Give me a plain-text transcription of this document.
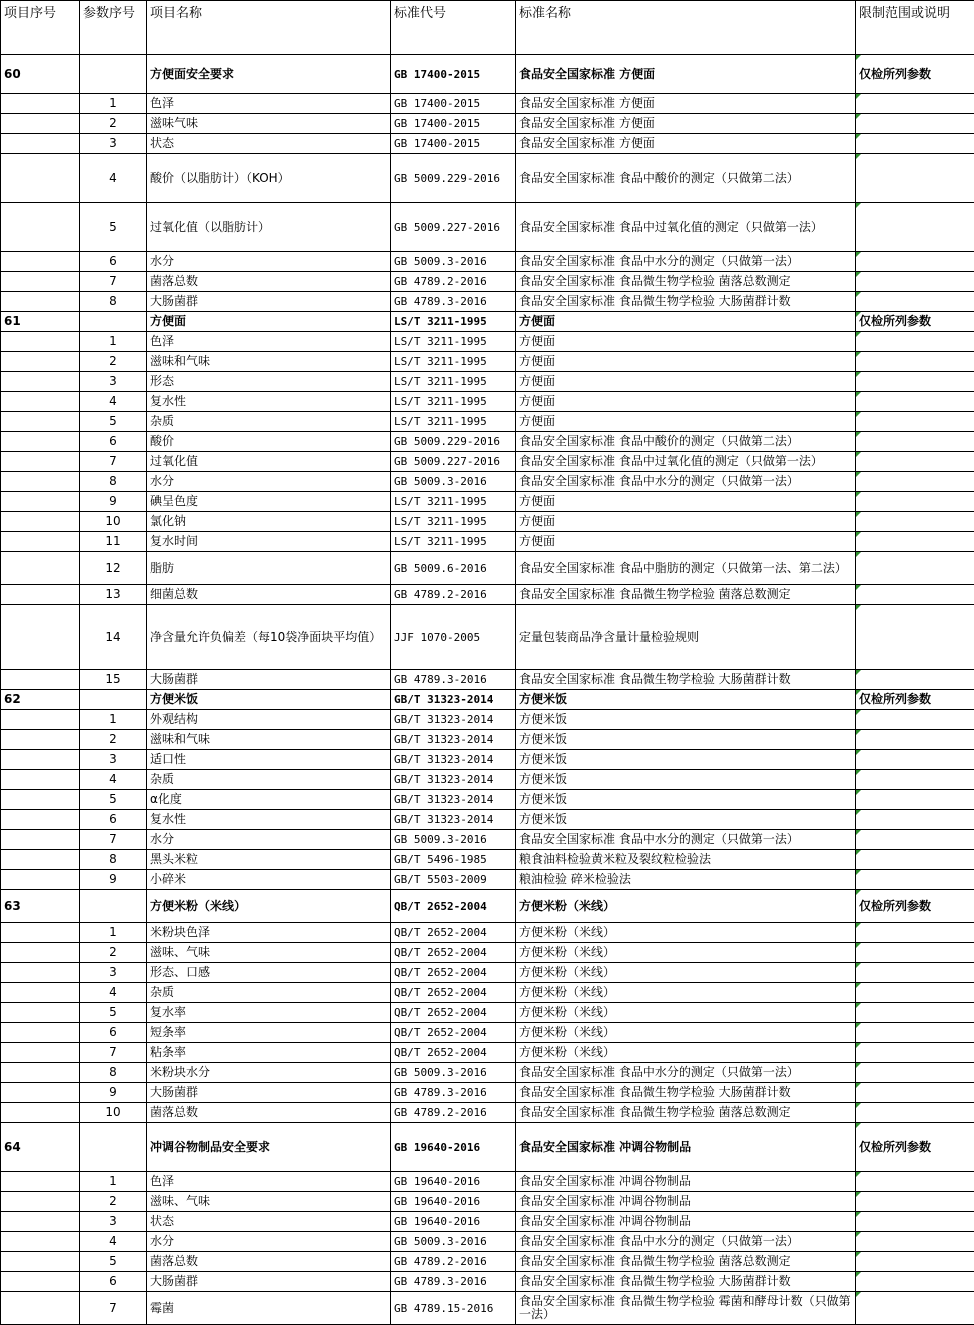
项目序号	参数序号	项目名称	标准代号	标准名称	限制范围或说明
60		方便面安全要求	GB 17400-2015	食品安全国家标准 方便面	仅检所列参数
	1	色泽	GB 17400-2015	食品安全国家标准 方便面	
	2	滋味气味	GB 17400-2015	食品安全国家标准 方便面	
	3	状态	GB 17400-2015	食品安全国家标准 方便面	
	4	酸价（以脂肪计）（KOH）	GB 5009.229-2016	食品安全国家标准 食品中酸价的测定（只做第二法）	
	5	过氧化值（以脂肪计）	GB 5009.227-2016	食品安全国家标准 食品中过氧化值的测定（只做第一法）	
	6	水分	GB 5009.3-2016	食品安全国家标准 食品中水分的测定（只做第一法）	
	7	菌落总数	GB 4789.2-2016	食品安全国家标准 食品微生物学检验 菌落总数测定	
	8	大肠菌群	GB 4789.3-2016	食品安全国家标准 食品微生物学检验 大肠菌群计数	
61		方便面	LS/T 3211-1995	方便面	仅检所列参数
	1	色泽	LS/T 3211-1995	方便面	
	2	滋味和气味	LS/T 3211-1995	方便面	
	3	形态	LS/T 3211-1995	方便面	
	4	复水性	LS/T 3211-1995	方便面	
	5	杂质	LS/T 3211-1995	方便面	
	6	酸价	GB 5009.229-2016	食品安全国家标准 食品中酸价的测定（只做第二法）	
	7	过氧化值	GB 5009.227-2016	食品安全国家标准 食品中过氧化值的测定（只做第一法）	
	8	水分	GB 5009.3-2016	食品安全国家标准 食品中水分的测定（只做第一法）	
	9	碘呈色度	LS/T 3211-1995	方便面	
	10	氯化钠	LS/T 3211-1995	方便面	
	11	复水时间	LS/T 3211-1995	方便面	
	12	脂肪	GB 5009.6-2016	食品安全国家标准 食品中脂肪的测定（只做第一法、第二法）	
	13	细菌总数	GB 4789.2-2016	食品安全国家标准 食品微生物学检验 菌落总数测定	
	14	净含量允许负偏差（每10袋净面块平均值）	JJF 1070-2005	定量包装商品净含量计量检验规则	
	15	大肠菌群	GB 4789.3-2016	食品安全国家标准 食品微生物学检验 大肠菌群计数	
62		方便米饭	GB/T 31323-2014	方便米饭	仅检所列参数
	1	外观结构	GB/T 31323-2014	方便米饭	
	2	滋味和气味	GB/T 31323-2014	方便米饭	
	3	适口性	GB/T 31323-2014	方便米饭	
	4	杂质	GB/T 31323-2014	方便米饭	
	5	α化度	GB/T 31323-2014	方便米饭	
	6	复水性	GB/T 31323-2014	方便米饭	
	7	水分	GB 5009.3-2016	食品安全国家标准 食品中水分的测定（只做第一法）	
	8	黑头米粒	GB/T 5496-1985	粮食油料检验黄米粒及裂纹粒检验法	
	9	小碎米	GB/T 5503-2009	粮油检验 碎米检验法	
63		方便米粉（米线）	QB/T 2652-2004	方便米粉（米线）	仅检所列参数
	1	米粉块色泽	QB/T 2652-2004	方便米粉（米线）	
	2	滋味、气味	QB/T 2652-2004	方便米粉（米线）	
	3	形态、口感	QB/T 2652-2004	方便米粉（米线）	
	4	杂质	QB/T 2652-2004	方便米粉（米线）	
	5	复水率	QB/T 2652-2004	方便米粉（米线）	
	6	短条率	QB/T 2652-2004	方便米粉（米线）	
	7	粘条率	QB/T 2652-2004	方便米粉（米线）	
	8	米粉块水分	GB 5009.3-2016	食品安全国家标准 食品中水分的测定（只做第一法）	
	9	大肠菌群	GB 4789.3-2016	食品安全国家标准 食品微生物学检验 大肠菌群计数	
	10	菌落总数	GB 4789.2-2016	食品安全国家标准 食品微生物学检验 菌落总数测定	
64		冲调谷物制品安全要求	GB 19640-2016	食品安全国家标准 冲调谷物制品	仅检所列参数
	1	色泽	GB 19640-2016	食品安全国家标准 冲调谷物制品	
	2	滋味、气味	GB 19640-2016	食品安全国家标准 冲调谷物制品	
	3	状态	GB 19640-2016	食品安全国家标准 冲调谷物制品	
	4	水分	GB 5009.3-2016	食品安全国家标准 食品中水分的测定（只做第一法）	
	5	菌落总数	GB 4789.2-2016	食品安全国家标准 食品微生物学检验 菌落总数测定	
	6	大肠菌群	GB 4789.3-2016	食品安全国家标准 食品微生物学检验 大肠菌群计数	
	7	霉菌	GB 4789.15-2016	食品安全国家标准 食品微生物学检验 霉菌和酵母计数（只做第一法）	
